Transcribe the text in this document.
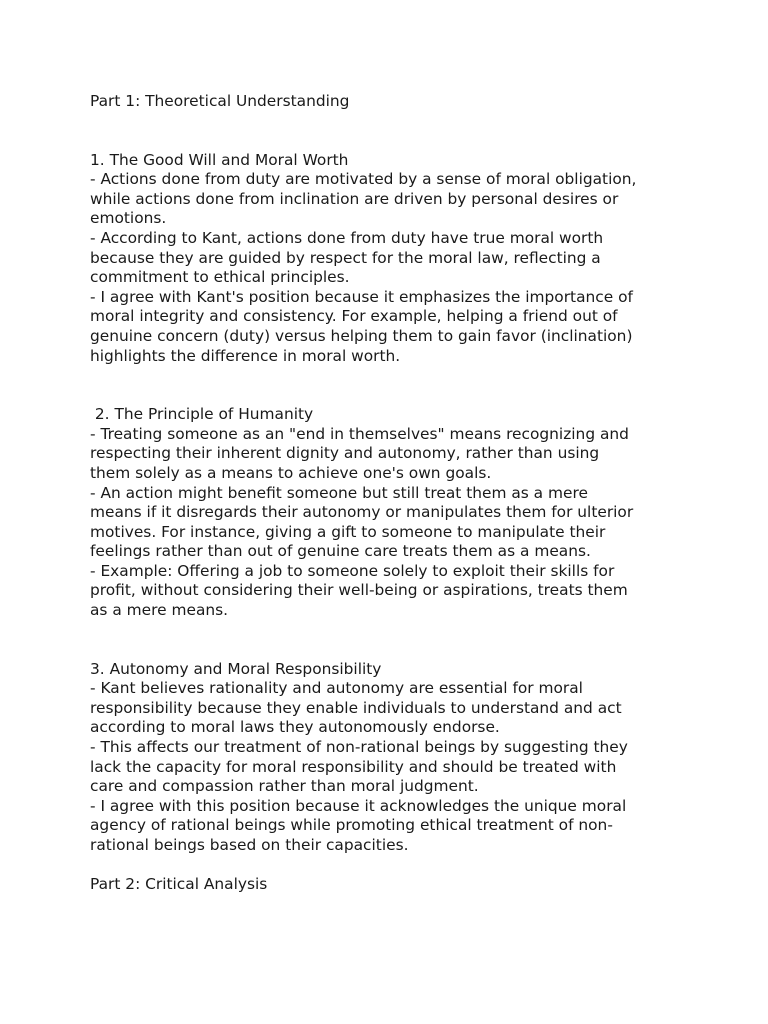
Part 1: Theoretical Understanding
1. The Good Will and Moral Worth
- Actions done from duty are motivated by a sense of moral obligation,
while actions done from inclination are driven by personal desires or
emotions.
- According to Kant, actions done from duty have true moral worth
because they are guided by respect for the moral law, reflecting a
commitment to ethical principles.
- I agree with Kant's position because it emphasizes the importance of
moral integrity and consistency. For example, helping a friend out of
genuine concern (duty) versus helping them to gain favor (inclination)
highlights the difference in moral worth.
2. The Principle of Humanity
- Treating someone as an "end in themselves" means recognizing and
respecting their inherent dignity and autonomy, rather than using
them solely as a means to achieve one's own goals.
- An action might benefit someone but still treat them as a mere
means if it disregards their autonomy or manipulates them for ulterior
motives. For instance, giving a gift to someone to manipulate their
feelings rather than out of genuine care treats them as a means.
- Example: Offering a job to someone solely to exploit their skills for
profit, without considering their well-being or aspirations, treats them
as a mere means.
3. Autonomy and Moral Responsibility
- Kant believes rationality and autonomy are essential for moral
responsibility because they enable individuals to understand and act
according to moral laws they autonomously endorse.
- This affects our treatment of non-rational beings by suggesting they
lack the capacity for moral responsibility and should be treated with
care and compassion rather than moral judgment.
- I agree with this position because it acknowledges the unique moral
agency of rational beings while promoting ethical treatment of non-
rational beings based on their capacities.
Part 2: Critical Analysis
